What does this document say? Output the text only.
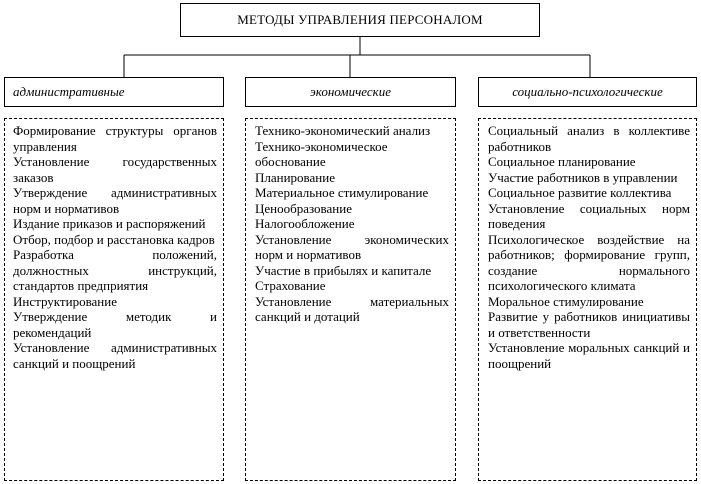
МЕТОДЫ УПРАВЛЕНИЯ ПЕРСОНАЛОМ
административные	экономические	социально-психологические
Формирование структуры органов управления
Установление государственных заказов
Утверждение административных норм и нормативов
Издание приказов и распоряжений
Отбор, подбор и расстановка кадров
Разработка положений, должностных инструкций, стандартов предприятия
Инструктирование
Утверждение методик и рекомендаций
Установление административных санкций и поощрений
Технико-экономический анализ
Технико-экономическое обоснование
Планирование
Материальное стимулирование
Ценообразование
Налогообложение
Установление экономических норм и нормативов
Участие в прибылях и капитале
Страхование
Установление материальных санкций и дотаций
Социальный анализ в коллективе работников
Социальное планирование
Участие работников в управлении
Социальное развитие коллектива
Установление социальных норм поведения
Психологическое воздействие на работников; формирование групп, создание нормального психологического климата
Моральное стимулирование
Развитие у работников инициативы и ответственности
Установление моральных санкций и поощрений
